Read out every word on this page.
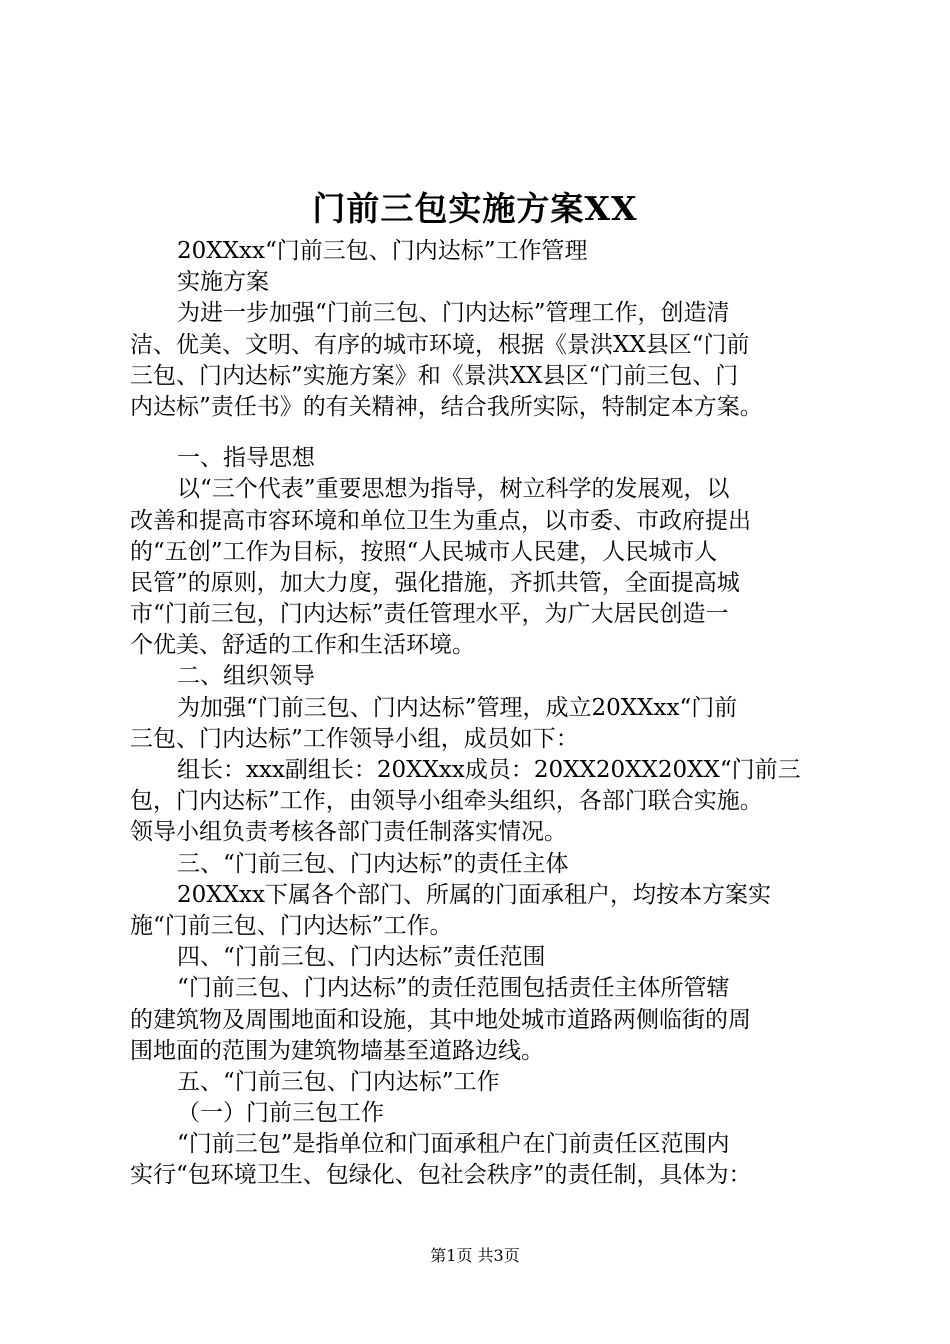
门前三包实施方案XX
20XXxx“门前三包、门内达标”工作管理
实施方案
为进一步加强“门前三包、门内达标”管理工作，创造清
洁、优美、文明、有序的城市环境，根据《景洪XX县区“门前
三包、门内达标”实施方案》和《景洪XX县区“门前三包、门
内达标”责任书》的有关精神，结合我所实际，特制定本方案。
一、指导思想
以“三个代表”重要思想为指导，树立科学的发展观，以
改善和提高市容环境和单位卫生为重点，以市委、市政府提出
的“五创”工作为目标，按照“人民城市人民建，人民城市人
民管”的原则，加大力度，强化措施，齐抓共管，全面提高城
市“门前三包，门内达标”责任管理水平，为广大居民创造一
个优美、舒适的工作和生活环境。
二、组织领导
为加强“门前三包、门内达标”管理，成立20XXxx“门前
三包、门内达标”工作领导小组，成员如下：
组长：xxx副组长：20XXxx成员：20XX20XX20XX“门前三
包，门内达标”工作，由领导小组牵头组织，各部门联合实施。
领导小组负责考核各部门责任制落实情况。
三、“门前三包、门内达标”的责任主体
20XXxx下属各个部门、所属的门面承租户，均按本方案实
施“门前三包、门内达标”工作。
四、“门前三包、门内达标”责任范围
“门前三包、门内达标”的责任范围包括责任主体所管辖
的建筑物及周围地面和设施，其中地处城市道路两侧临街的周
围地面的范围为建筑物墙基至道路边线。
五、“门前三包、门内达标”工作
（一）门前三包工作
“门前三包”是指单位和门面承租户在门前责任区范围内
实行“包环境卫生、包绿化、包社会秩序”的责任制，具体为：
第1页 共3页
